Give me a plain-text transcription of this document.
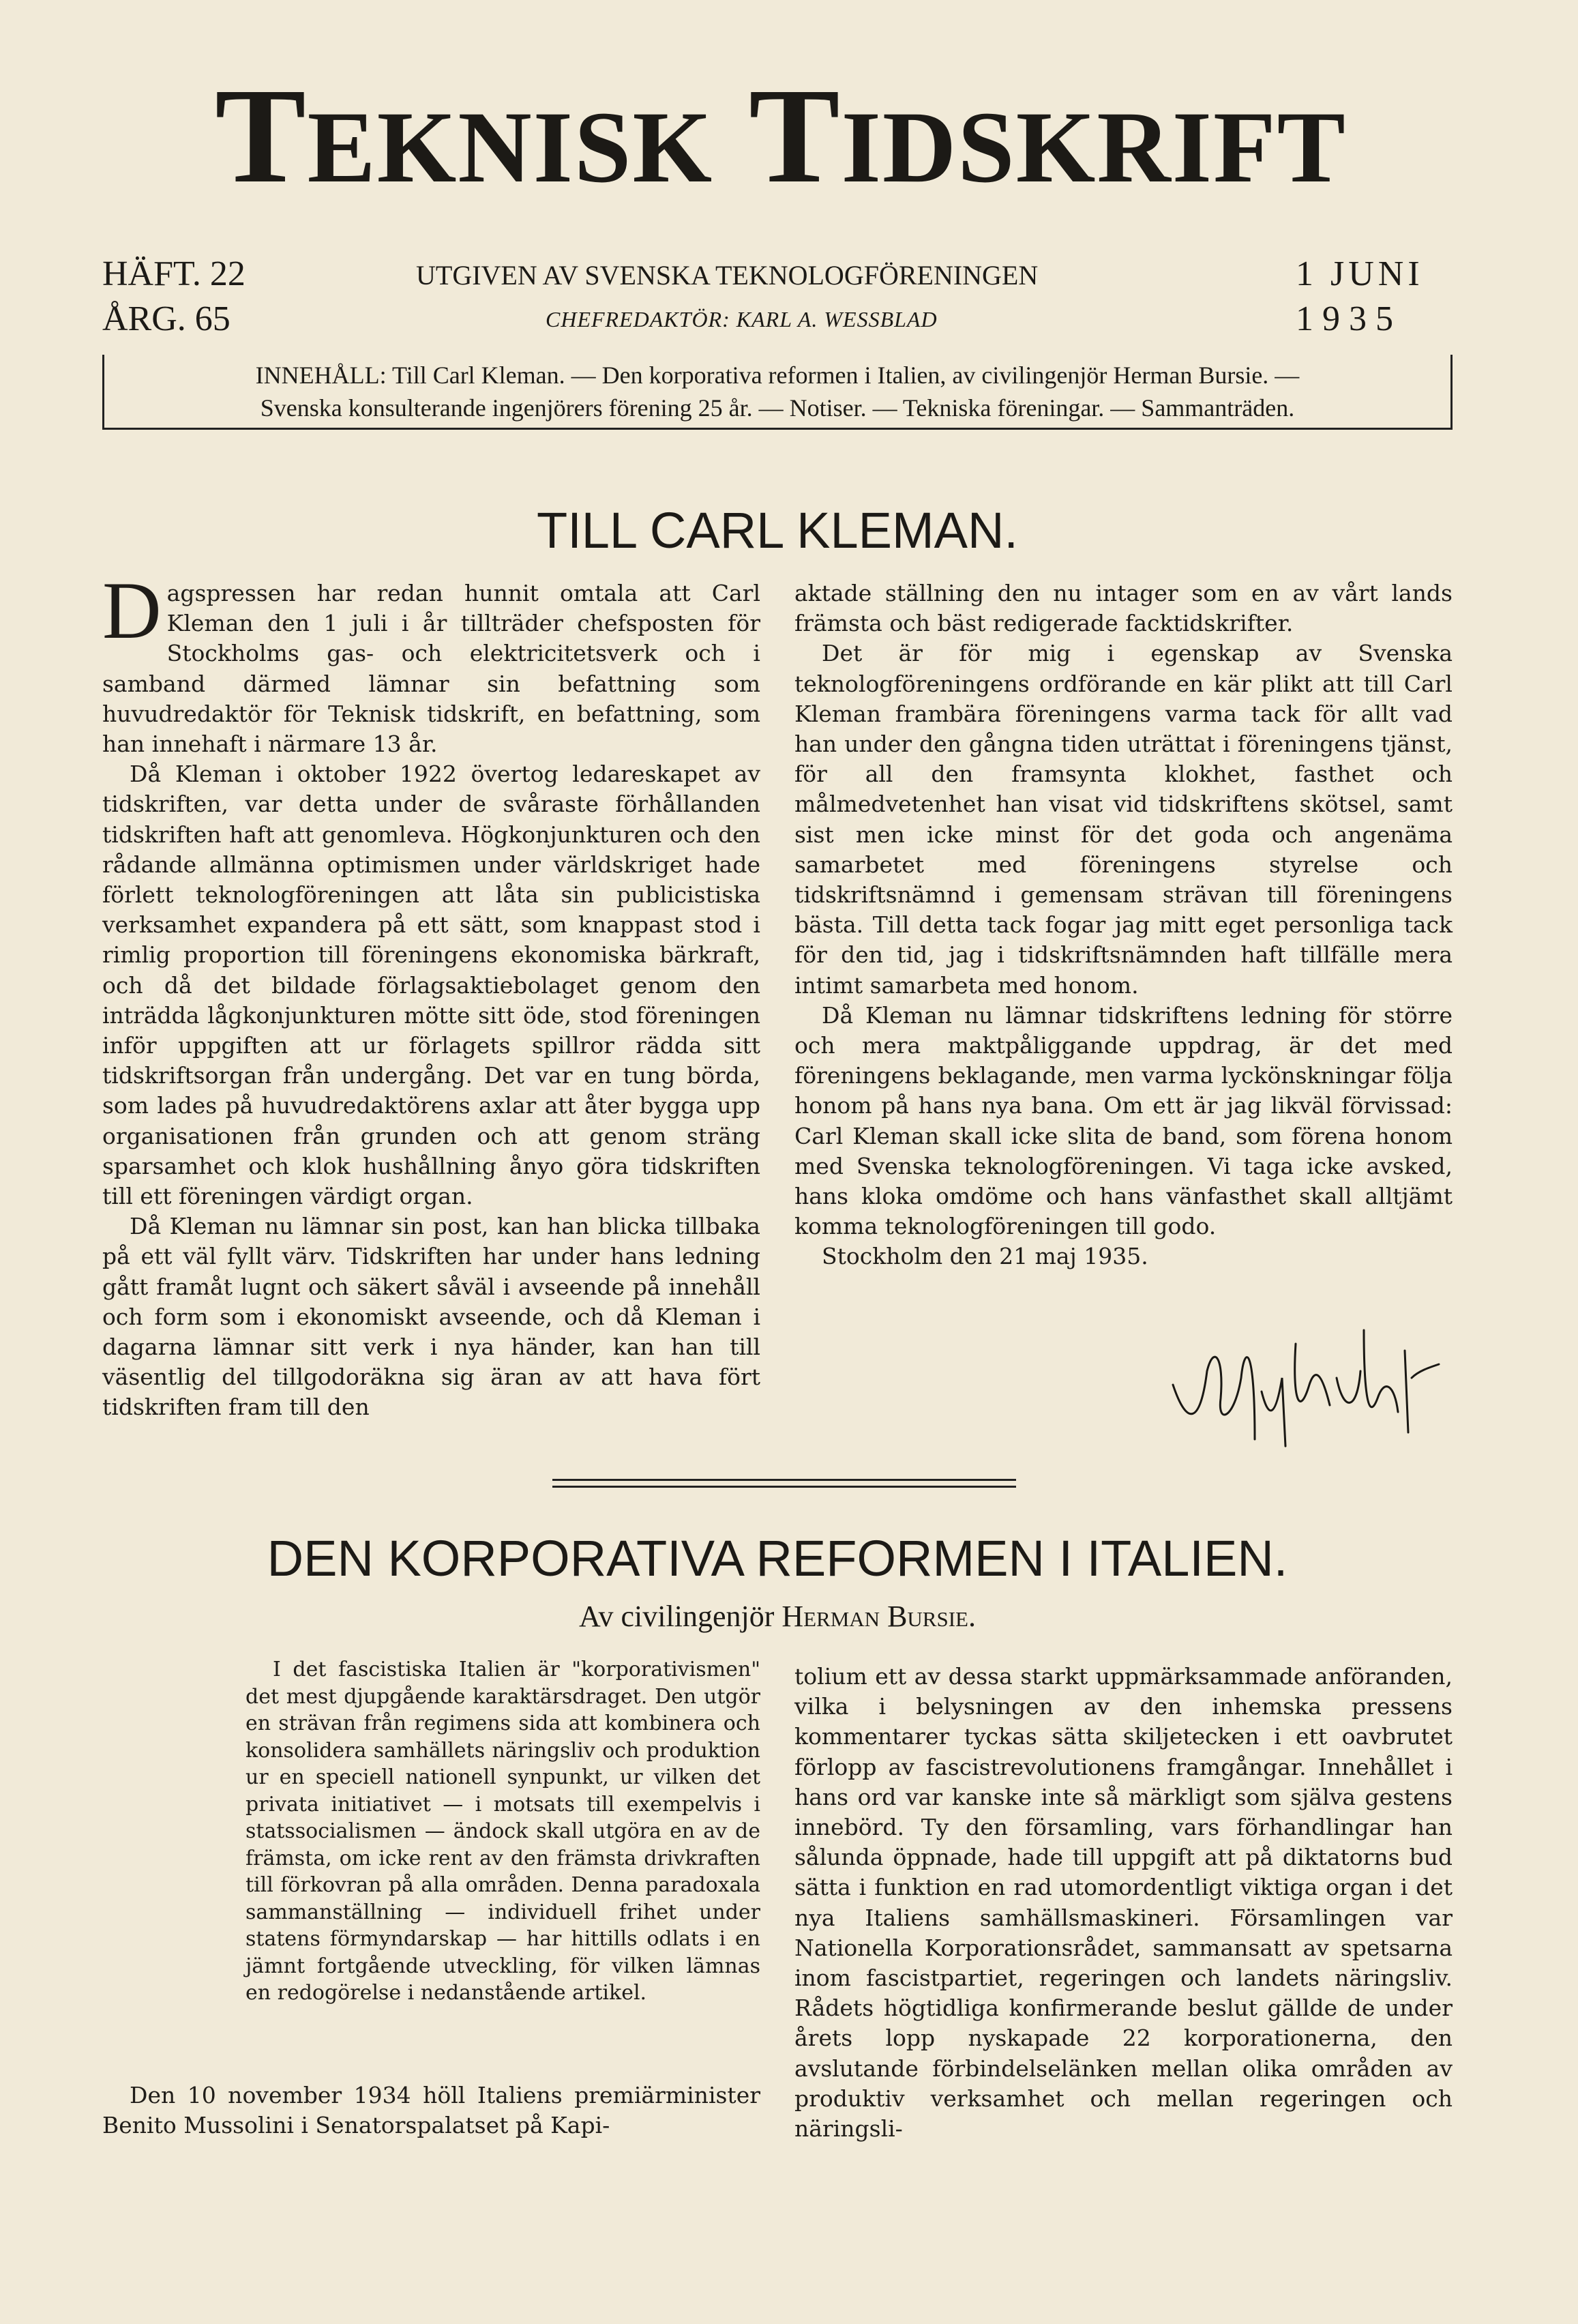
TEKNISK TIDSKRIFT
HÄFT. 22
ÅRG. 65
UTGIVEN AV SVENSKA TEKNOLOGFÖRENINGEN
CHEFREDAKTÖR: KARL A. WESSBLAD
1 JUNI
1 9 3 5

INNEHÅLL: Till Carl Kleman. — Den korporativa reformen i Italien, av civilingenjör Herman Bursie. —

Svenska konsulterande ingenjörers förening 25 år. — Notiser. — Tekniska föreningar. — Sammanträden.

TILL CARL KLEMAN.

Dagspressen har redan hunnit omtala att Carl Kleman den 1 juli i år tillträder chefsposten för Stockholms gas- och elektricitetsverk och i samband därmed lämnar sin befattning som huvudredaktör för Teknisk tidskrift, en befattning, som han innehaft i närmare 13 år.

Då Kleman i oktober 1922 övertog ledareskapet av tidskriften, var detta under de svåraste förhållanden tidskriften haft att genomleva. Högkonjunkturen och den rådande allmänna optimismen under världskriget hade förlett teknologföreningen att låta sin publicistiska verksamhet expandera på ett sätt, som knappast stod i rimlig proportion till föreningens ekonomiska bärkraft, och då det bildade förlagsaktiebolaget genom den inträdda lågkonjunkturen mötte sitt öde, stod föreningen inför uppgiften att ur förlagets spillror rädda sitt tidskriftsorgan från undergång. Det var en tung börda, som lades på huvudredaktörens axlar att åter bygga upp organisationen från grunden och att genom sträng sparsamhet och klok hushållning ånyo göra tidskriften till ett föreningen värdigt organ.

Då Kleman nu lämnar sin post, kan han blicka tillbaka på ett väl fyllt värv. Tidskriften har under hans ledning gått framåt lugnt och säkert såväl i avseende på innehåll och form som i ekonomiskt avseende, och då Kleman i dagarna lämnar sitt verk i nya händer, kan han till väsentlig del tillgodoräkna sig äran av att hava fört tidskriften fram till den

aktade ställning den nu intager som en av vårt lands främsta och bäst redigerade facktidskrifter.

Det är för mig i egenskap av Svenska teknologföreningens ordförande en kär plikt att till Carl Kleman frambära föreningens varma tack för allt vad han under den gångna tiden uträttat i föreningens tjänst, för all den framsynta klokhet, fasthet och målmedvetenhet han visat vid tidskriftens skötsel, samt sist men icke minst för det goda och angenäma samarbetet med föreningens styrelse och tidskriftsnämnd i gemensam strävan till föreningens bästa. Till detta tack fogar jag mitt eget personliga tack för den tid, jag i tidskriftsnämnden haft tillfälle mera intimt samarbeta med honom.

Då Kleman nu lämnar tidskriftens ledning för större och mera maktpåliggande uppdrag, är det med föreningens beklagande, men varma lyckönskningar följa honom på hans nya bana. Om ett är jag likväl förvissad: Carl Kleman skall icke slita de band, som förena honom med Svenska teknologföreningen. Vi taga icke avsked, hans kloka omdöme och hans vänfasthet skall alltjämt komma teknologföreningen till godo.

Stockholm den 21 maj 1935.

DEN KORPORATIVA REFORMEN I ITALIEN.
Av civilingenjör Herman Bursie.

I det fascistiska Italien är "korporativismen" det mest djupgående karaktärsdraget. Den utgör en strävan från regimens sida att kombinera och konsolidera samhällets näringsliv och produktion ur en speciell nationell synpunkt, ur vilken det privata initiativet — i motsats till exempelvis i statssocialismen — ändock skall utgöra en av de främsta, om icke rent av den främsta drivkraften till förkovran på alla områden. Denna paradoxala sammanställning — individuell frihet under statens förmyndarskap — har hittills odlats i en jämnt fortgående utveckling, för vilken lämnas en redogörelse i nedanstående artikel.

Den 10 november 1934 höll Italiens premiärminister Benito Mussolini i Senatorspalatset på Kapi-

tolium ett av dessa starkt uppmärksammade anföranden, vilka i belysningen av den inhemska pressens kommentarer tyckas sätta skiljetecken i ett oavbrutet förlopp av fascistrevolutionens framgångar. Innehållet i hans ord var kanske inte så märkligt som själva gestens innebörd. Ty den församling, vars förhandlingar han sålunda öppnade, hade till uppgift att på diktatorns bud sätta i funktion en rad utomordentligt viktiga organ i det nya Italiens samhällsmaskineri. Församlingen var Nationella Korporationsrådet, sammansatt av spetsarna inom fascistpartiet, regeringen och landets näringsliv. Rådets högtidliga konfirmerande beslut gällde de under årets lopp nyskapade 22 korporationerna, den avslutande förbindelselänken mellan olika områden av produktiv verksamhet och mellan regeringen och näringsli-
